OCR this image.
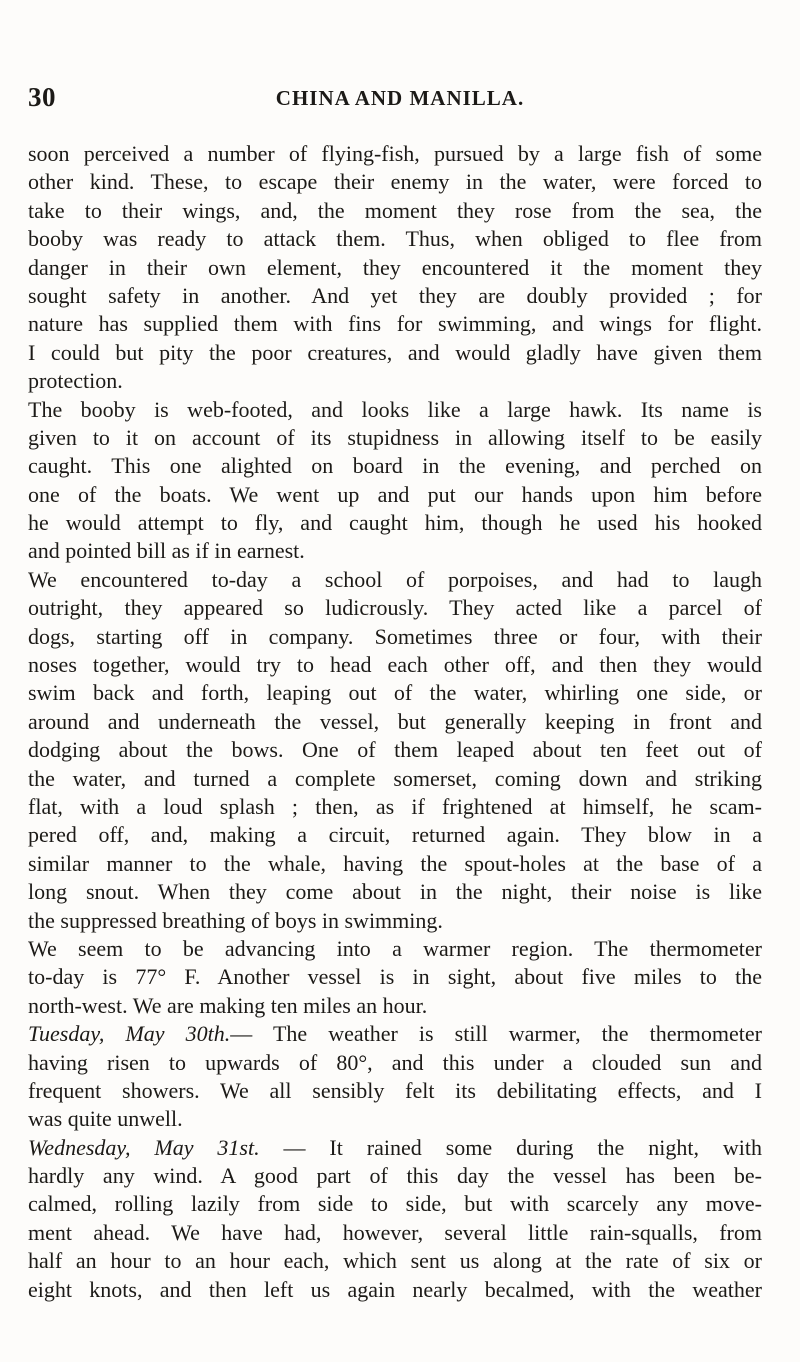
30	CHINA AND MANILLA.
soon perceived a number of flying-fish, pursued by a large fish of some
other kind. These, to escape their enemy in the water, were forced to
take to their wings, and, the moment they rose from the sea, the
booby was ready to attack them. Thus, when obliged to flee from
danger in their own element, they encountered it the moment they
sought safety in another. And yet they are doubly provided ; for
nature has supplied them with fins for swimming, and wings for flight.
I could but pity the poor creatures, and would gladly have given them
protection.
The booby is web-footed, and looks like a large hawk. Its name is
given to it on account of its stupidness in allowing itself to be easily
caught. This one alighted on board in the evening, and perched on
one of the boats. We went up and put our hands upon him before
he would attempt to fly, and caught him, though he used his hooked
and pointed bill as if in earnest.
We encountered to-day a school of porpoises, and had to laugh
outright, they appeared so ludicrously. They acted like a parcel of
dogs, starting off in company. Sometimes three or four, with their
noses together, would try to head each other off, and then they would
swim back and forth, leaping out of the water, whirling one side, or
around and underneath the vessel, but generally keeping in front and
dodging about the bows. One of them leaped about ten feet out of
the water, and turned a complete somerset, coming down and striking
flat, with a loud splash ; then, as if frightened at himself, he scam-
pered off, and, making a circuit, returned again. They blow in a
similar manner to the whale, having the spout-holes at the base of a
long snout. When they come about in the night, their noise is like
the suppressed breathing of boys in swimming.
We seem to be advancing into a warmer region. The thermometer
to-day is 77° F. Another vessel is in sight, about five miles to the
north-west. We are making ten miles an hour.
Tuesday, May 30th.— The weather is still warmer, the thermometer
having risen to upwards of 80°, and this under a clouded sun and
frequent showers. We all sensibly felt its debilitating effects, and I
was quite unwell.
Wednesday, May 31st. — It rained some during the night, with
hardly any wind. A good part of this day the vessel has been be-
calmed, rolling lazily from side to side, but with scarcely any move-
ment ahead. We have had, however, several little rain-squalls, from
half an hour to an hour each, which sent us along at the rate of six or
eight knots, and then left us again nearly becalmed, with the weather
